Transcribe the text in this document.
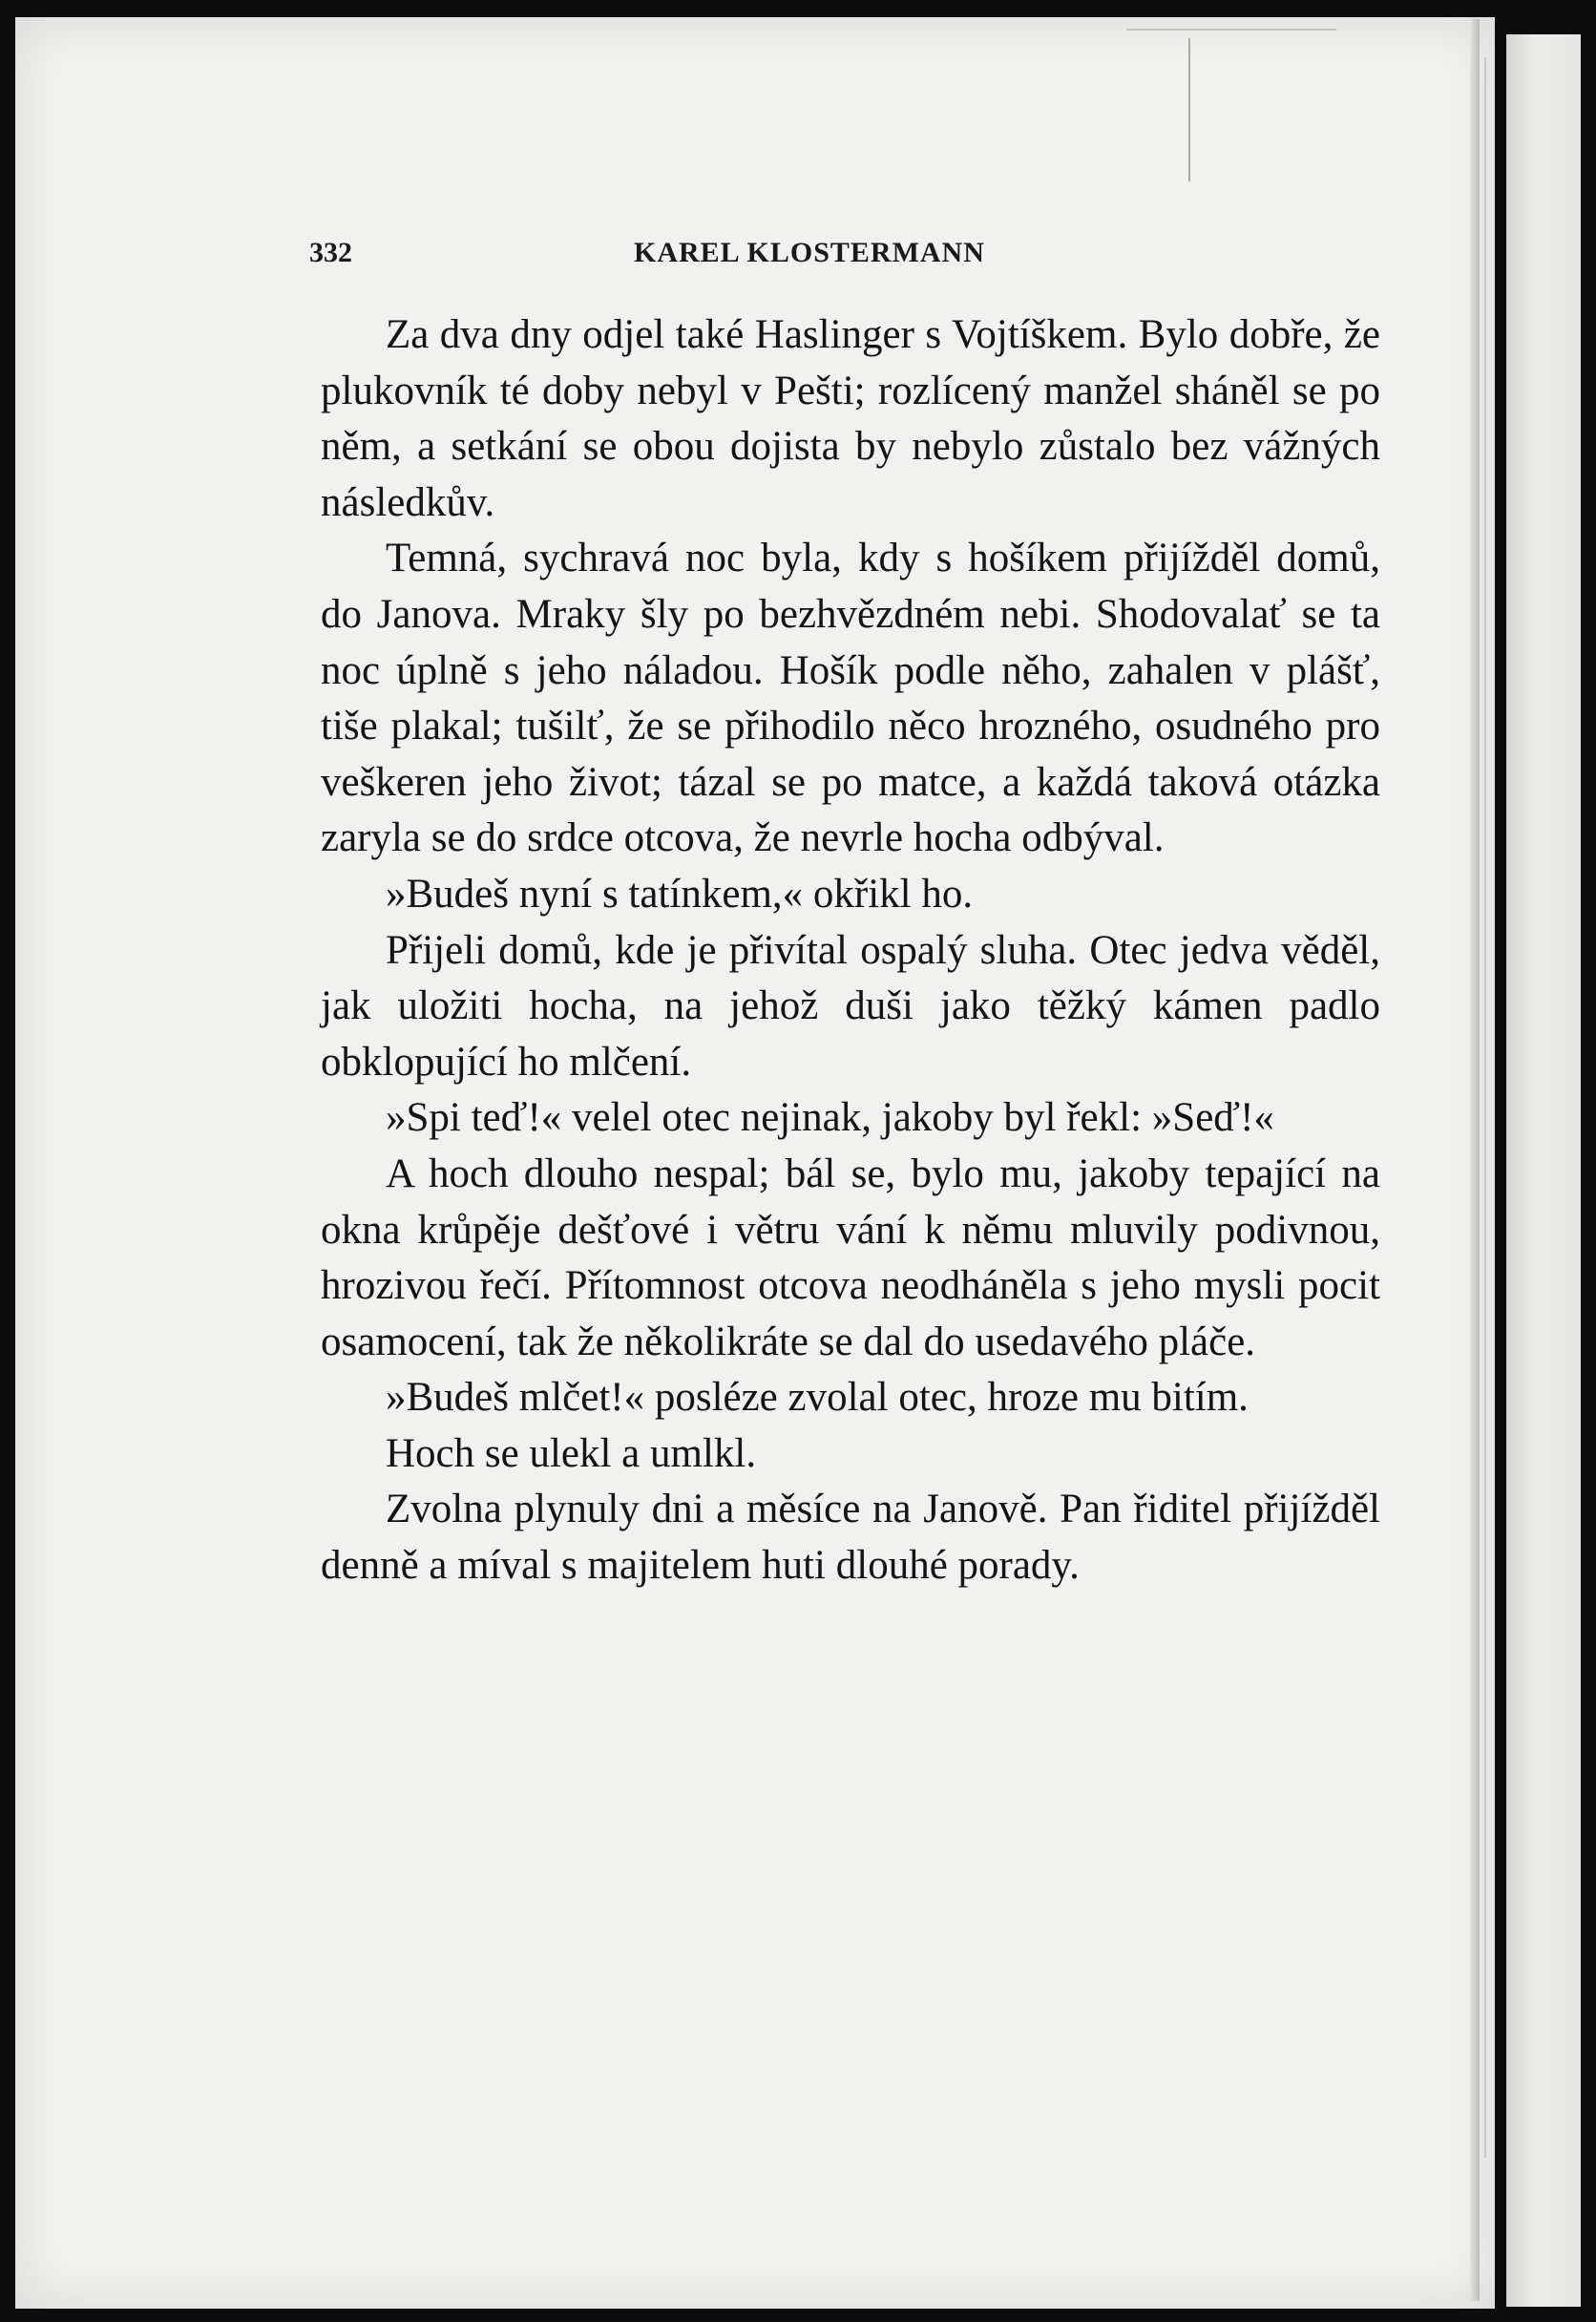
332	KAREL KLOSTERMANN

Za dva dny odjel také Haslinger s Vojtíškem. Bylo dobře, že plukovník té doby nebyl v Pešti; rozlícený manžel sháněl se po něm, a setkání se obou dojista by nebylo zůstalo bez vážných následkův.

Temná, sychravá noc byla, kdy s hošíkem přijížděl domů, do Janova. Mraky šly po bezhvězdném nebi. Shodovalať se ta noc úplně s jeho náladou. Hošík podle něho, zahalen v plášť, tiše plakal; tušilť, že se přihodilo něco hrozného, osudného pro veškeren jeho život; tázal se po matce, a každá taková otázka zaryla se do srdce otcova, že nevrle hocha odbýval.

»Budeš nyní s tatínkem,« okřikl ho.

Přijeli domů, kde je přivítal ospalý sluha. Otec jedva věděl, jak uložiti hocha, na jehož duši jako těžký kámen padlo obklopující ho mlčení.

»Spi teď!« velel otec nejinak, jakoby byl řekl: »Seď!«

A hoch dlouho nespal; bál se, bylo mu, jakoby tepající na okna krůpěje dešťové i větru vání k němu mluvily podivnou, hrozivou řečí. Přítomnost otcova neodháněla s jeho mysli pocit osamocení, tak že několikráte se dal do usedavého pláče.

»Budeš mlčet!« posléze zvolal otec, hroze mu bitím.

Hoch se ulekl a umlkl.

Zvolna plynuly dni a měsíce na Janově. Pan řiditel přijížděl denně a míval s majitelem huti dlouhé porady.
